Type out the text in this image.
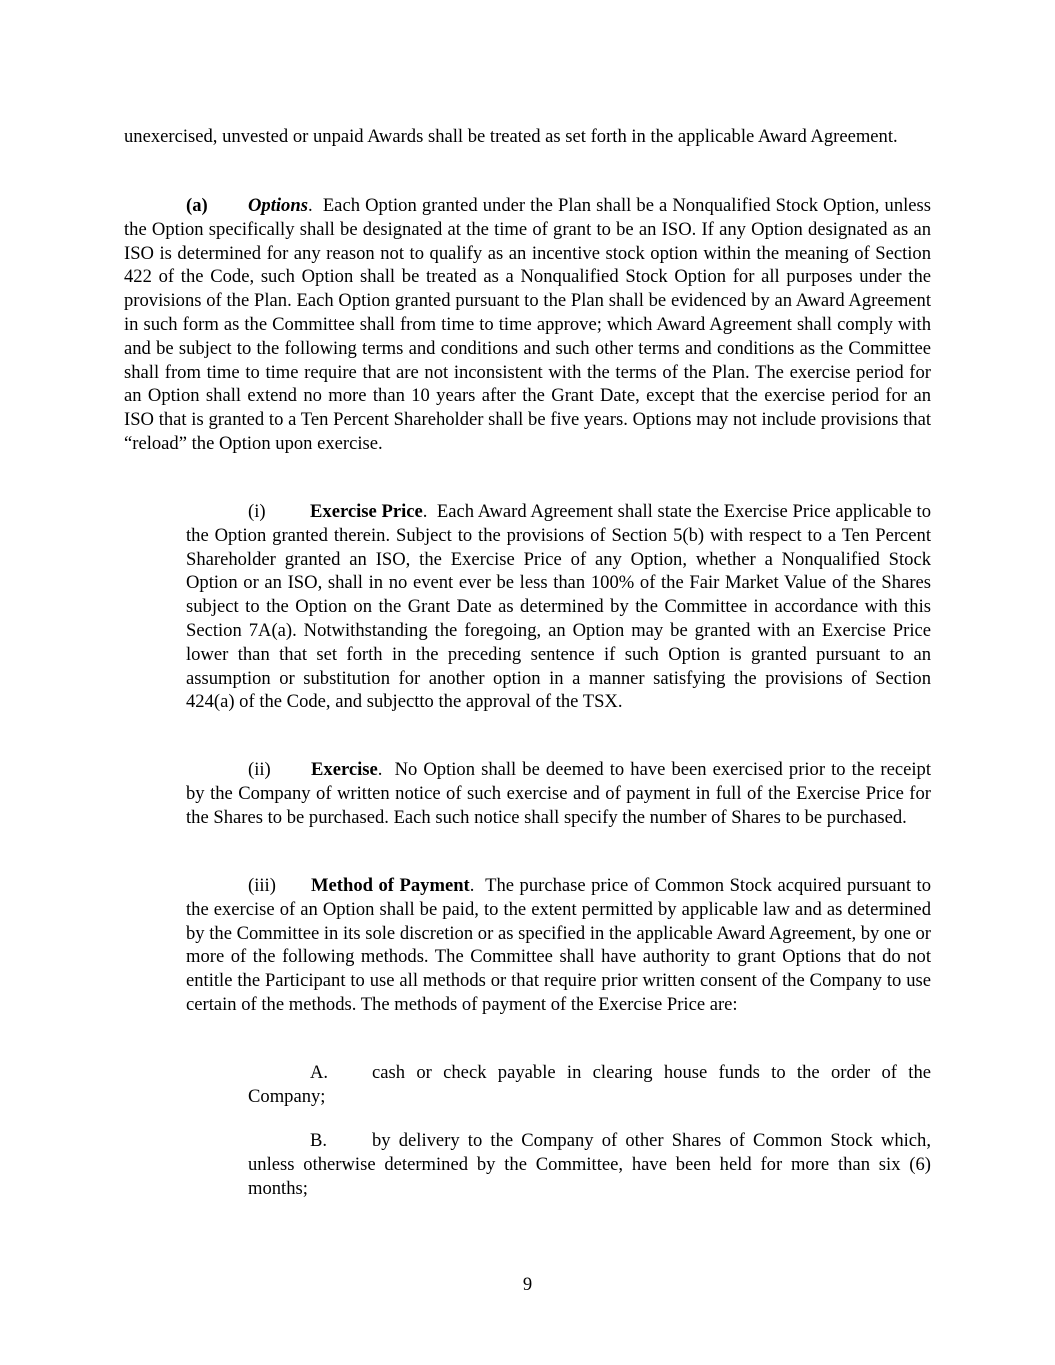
unexercised, unvested or unpaid Awards shall be treated as set forth in the applicable Award Agreement.

(a) Options. Each Option granted under the Plan shall be a Nonqualified Stock Option, unless the Option specifically shall be designated at the time of grant to be an ISO. If any Option designated as an ISO is determined for any reason not to qualify as an incentive stock option within the meaning of Section 422 of the Code, such Option shall be treated as a Nonqualified Stock Option for all purposes under the provisions of the Plan. Each Option granted pursuant to the Plan shall be evidenced by an Award Agreement in such form as the Committee shall from time to time approve; which Award Agreement shall comply with and be subject to the following terms and conditions and such other terms and conditions as the Committee shall from time to time require that are not inconsistent with the terms of the Plan. The exercise period for an Option shall extend no more than 10 years after the Grant Date, except that the exercise period for an ISO that is granted to a Ten Percent Shareholder shall be five years. Options may not include provisions that “reload” the Option upon exercise.

(i) Exercise Price. Each Award Agreement shall state the Exercise Price applicable to the Option granted therein. Subject to the provisions of Section 5(b) with respect to a Ten Percent Shareholder granted an ISO, the Exercise Price of any Option, whether a Nonqualified Stock Option or an ISO, shall in no event ever be less than 100% of the Fair Market Value of the Shares subject to the Option on the Grant Date as determined by the Committee in accordance with this Section 7A(a). Notwithstanding the foregoing, an Option may be granted with an Exercise Price lower than that set forth in the preceding sentence if such Option is granted pursuant to an assumption or substitution for another option in a manner satisfying the provisions of Section 424(a) of the Code, and subjectto the approval of the TSX.

(ii) Exercise. No Option shall be deemed to have been exercised prior to the receipt by the Company of written notice of such exercise and of payment in full of the Exercise Price for the Shares to be purchased. Each such notice shall specify the number of Shares to be purchased.

(iii) Method of Payment. The purchase price of Common Stock acquired pursuant to the exercise of an Option shall be paid, to the extent permitted by applicable law and as determined by the Committee in its sole discretion or as specified in the applicable Award Agreement, by one or more of the following methods. The Committee shall have authority to grant Options that do not entitle the Participant to use all methods or that require prior written consent of the Company to use certain of the methods. The methods of payment of the Exercise Price are:

A. cash or check payable in clearing house funds to the order of the Company;

B. by delivery to the Company of other Shares of Common Stock which, unless otherwise determined by the Committee, have been held for more than six (6) months;

9
